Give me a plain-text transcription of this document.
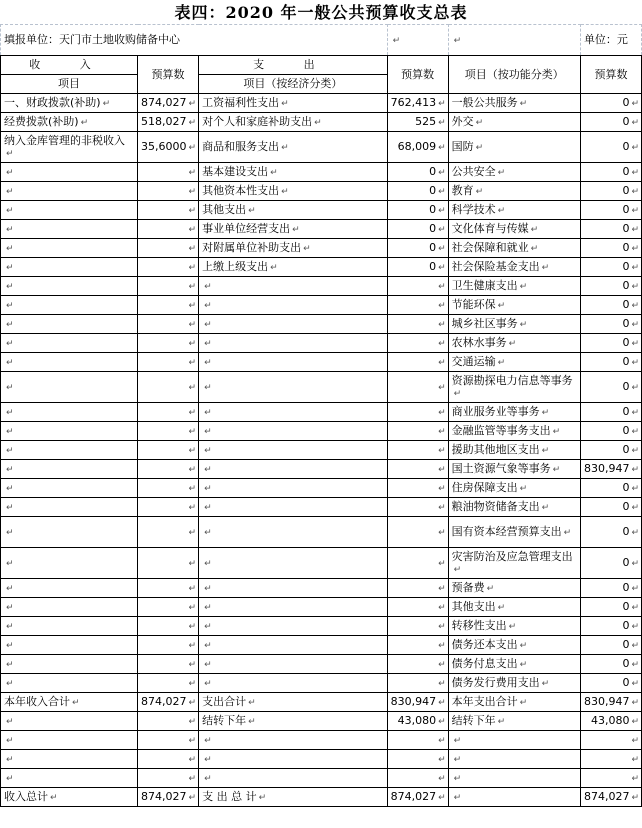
表四：2020 年一般公共预算收支总表
填报单位：天门市土地收购储备中心			↵	↵	单位：元
收 入	预算数	支 出	预算数	项目（按功能分类）	预算数
项目		项目（按经济分类）			
一、财政拨款(补助) ↵	874,027 ↵	工资福利性支出 ↵	762,413 ↵	一般公共服务 ↵	0 ↵
经费拨款(补助) ↵	518,027 ↵	对个人和家庭补助支出 ↵	525 ↵	外交 ↵	0 ↵
纳入金库管理的非税收入↵	35,6000 ↵	商品和服务支出 ↵	68,009 ↵	国防 ↵	0 ↵
↵	↵	基本建设支出 ↵	0 ↵	公共安全 ↵	0 ↵
↵	↵	其他资本性支出 ↵	0 ↵	教育 ↵	0 ↵
↵	↵	其他支出 ↵	0 ↵	科学技术 ↵	0 ↵
↵	↵	事业单位经营支出 ↵	0 ↵	文化体育与传媒 ↵	0 ↵
↵	↵	对附属单位补助支出 ↵	0 ↵	社会保障和就业 ↵	0 ↵
↵	↵	上缴上级支出 ↵	0 ↵	社会保险基金支出 ↵	0 ↵
↵	↵	↵	↵	卫生健康支出 ↵	0 ↵
↵	↵	↵	↵	节能环保 ↵	0 ↵
↵	↵	↵	↵	城乡社区事务 ↵	0 ↵
↵	↵	↵	↵	农林水事务 ↵	0 ↵
↵	↵	↵	↵	交通运输 ↵	0 ↵
↵	↵	↵	↵	资源勘探电力信息等事务↵	0 ↵
↵	↵	↵	↵	商业服务业等事务 ↵	0 ↵
↵	↵	↵	↵	金融监管等事务支出 ↵	0 ↵
↵	↵	↵	↵	援助其他地区支出 ↵	0 ↵
↵	↵	↵	↵	国土资源气象等事务 ↵	830,947 ↵
↵	↵	↵	↵	住房保障支出 ↵	0 ↵
↵	↵	↵	↵	粮油物资储备支出 ↵	0 ↵
↵	↵	↵	↵	国有资本经营预算支出 ↵	0 ↵
↵	↵	↵	↵	灾害防治及应急管理支出↵	0 ↵
↵	↵	↵	↵	预备费 ↵	0 ↵
↵	↵	↵	↵	其他支出 ↵	0 ↵
↵	↵	↵	↵	转移性支出 ↵	0 ↵
↵	↵	↵	↵	债务还本支出 ↵	0 ↵
↵	↵	↵	↵	债务付息支出 ↵	0 ↵
↵	↵	↵	↵	债务发行费用支出 ↵	0 ↵
本年收入合计 ↵	874,027 ↵	支出合计 ↵	830,947 ↵	本年支出合计 ↵	830,947 ↵
↵	↵	结转下年 ↵	43,080 ↵	结转下年 ↵	43,080 ↵
↵	↵	↵	↵	↵	↵
↵	↵	↵	↵	↵	↵
↵	↵	↵	↵	↵	↵
收入总计 ↵	874,027 ↵	支 出 总 计 ↵	874,027 ↵	↵	874,027 ↵
